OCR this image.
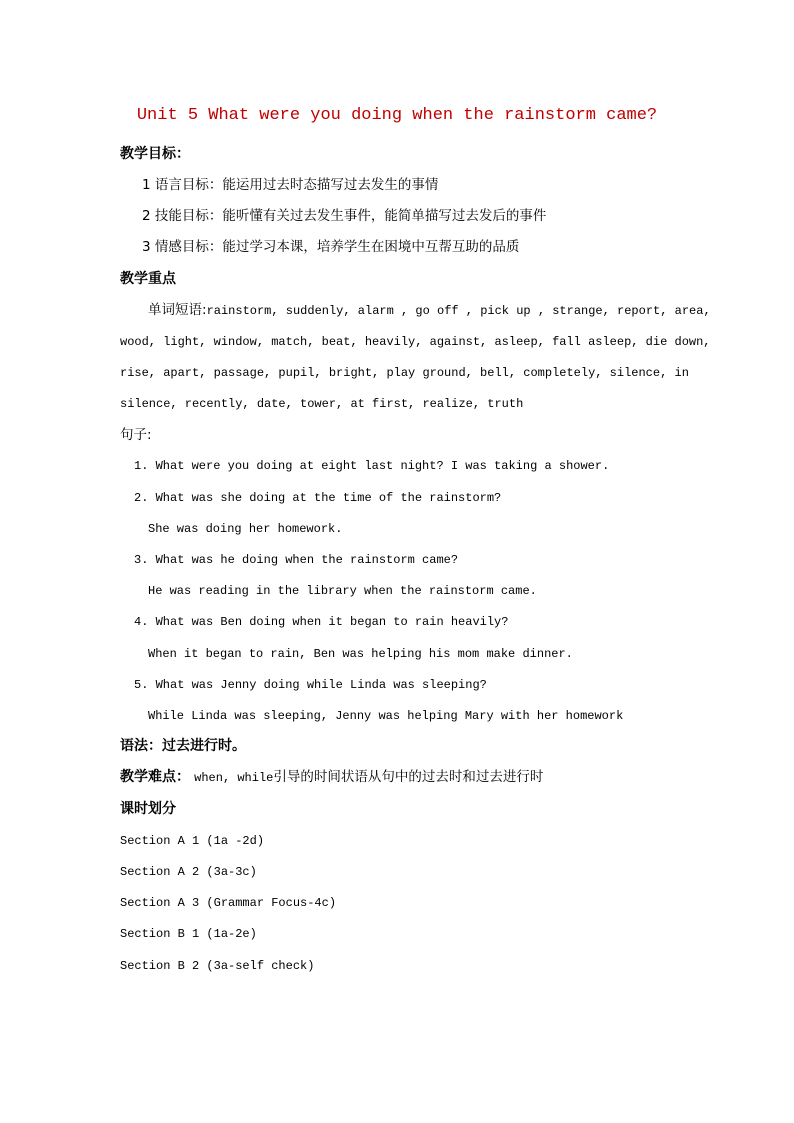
Unit 5 What were you doing when the rainstorm came?
教学目标：
1 语言目标：能运用过去时态描写过去发生的事情
2 技能目标：能听懂有关过去发生事件，能简单描写过去发后的事件
3 情感目标：能过学习本课，培养学生在困境中互帮互助的品质
教学重点
单词短语:rainstorm, suddenly, alarm , go off , pick up , strange, report, area,
wood, light, window, match, beat, heavily, against, asleep, fall asleep, die down,
rise, apart, passage, pupil, bright, play ground, bell, completely, silence, in
silence, recently, date, tower, at first, realize, truth
句子:
1. What were you doing at eight last night? I was taking a shower.
2. What was she doing at the time of the rainstorm?
She was doing her homework.
3. What was he doing when the rainstorm came?
He was reading in the library when the rainstorm came.
4. What was Ben doing when it began to rain heavily?
When it began to rain, Ben was helping his mom make dinner.
5. What was Jenny doing while Linda was sleeping?
While Linda was sleeping, Jenny was helping Mary with her homework
语法：过去进行时。
教学难点： when, while引导的时间状语从句中的过去时和过去进行时
课时划分
Section A 1 (1a -2d)
Section A 2 (3a-3c)
Section A 3 (Grammar Focus-4c)
Section B 1 (1a-2e)
Section B 2 (3a-self check)
